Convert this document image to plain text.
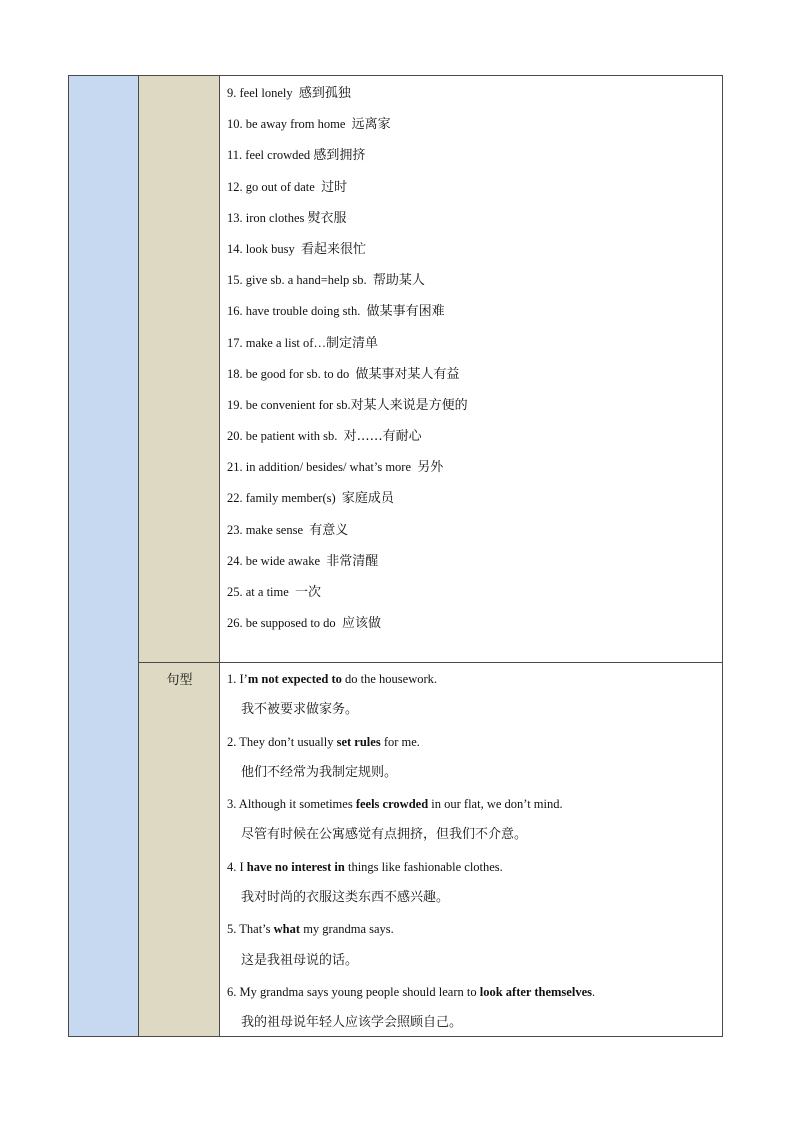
句型
9. feel lonely 感到孤独
10. be away from home 远离家
11. feel crowded 感到拥挤
12. go out of date 过时
13. iron clothes 熨衣服
14. look busy 看起来很忙
15. give sb. a hand=help sb. 帮助某人
16. have trouble doing sth. 做某事有困难
17. make a list of…制定清单
18. be good for sb. to do 做某事对某人有益
19. be convenient for sb.对某人来说是方便的
20. be patient with sb. 对……有耐心
21. in addition/ besides/ what’s more 另外
22. family member(s) 家庭成员
23. make sense 有意义
24. be wide awake 非常清醒
25. at a time 一次
26. be supposed to do 应该做
1. I’m not expected to do the housework.
我不被要求做家务。
2. They don’t usually set rules for me.
他们不经常为我制定规则。
3. Although it sometimes feels crowded in our flat, we don’t mind.
尽管有时候在公寓感觉有点拥挤，但我们不介意。
4. I have no interest in things like fashionable clothes.
我对时尚的衣服这类东西不感兴趣。
5. That’s what my grandma says.
这是我祖母说的话。
6. My grandma says young people should learn to look after themselves.
我的祖母说年轻人应该学会照顾自己。
